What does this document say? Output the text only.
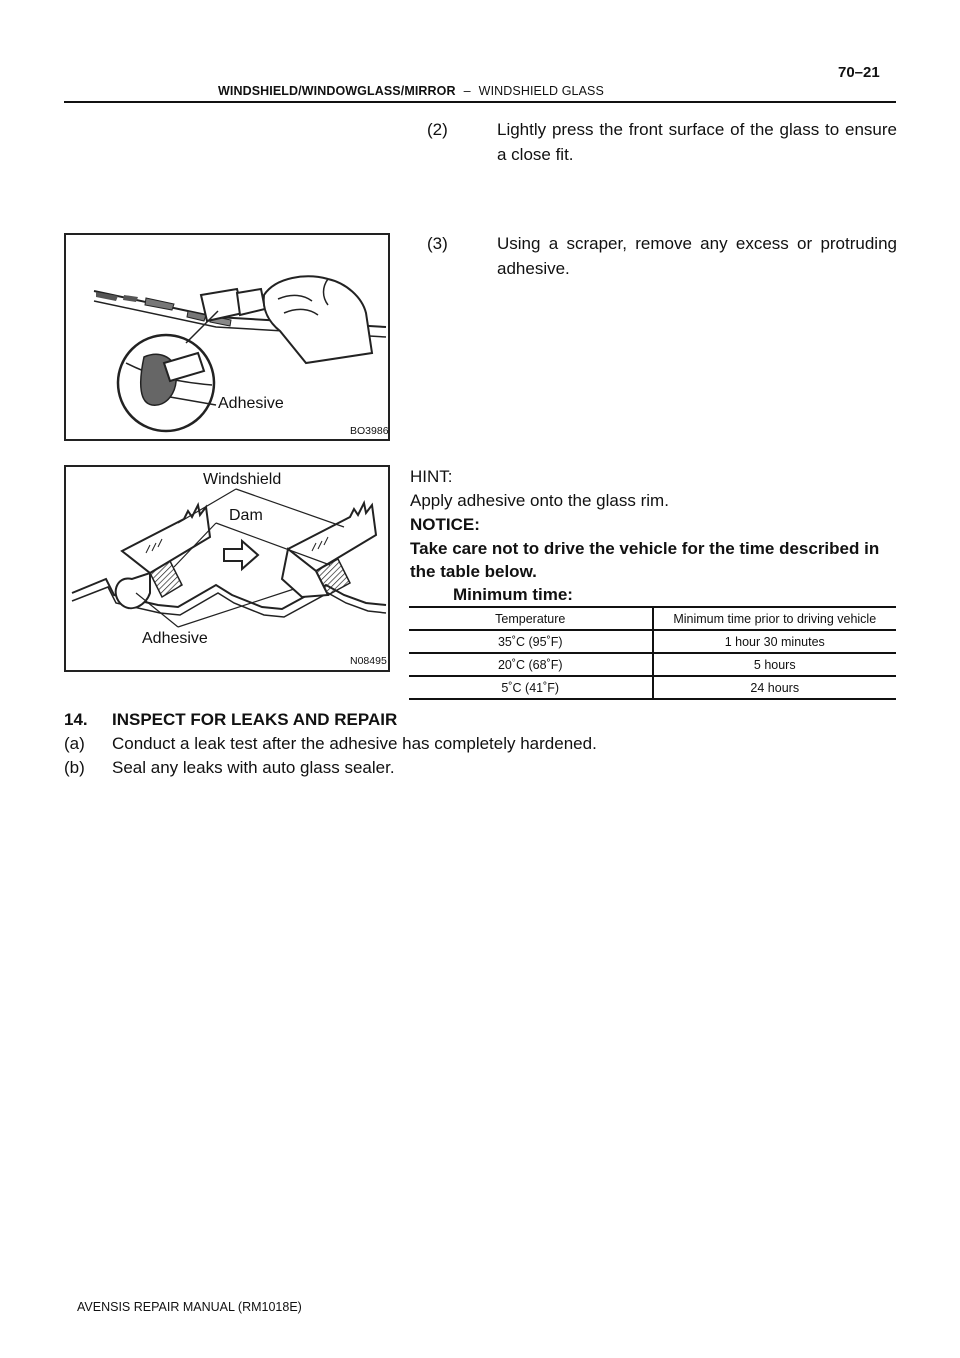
WINDSHIELD/WINDOWGLASS/MIRROR – WINDSHIELD GLASS
70–21
(2)	Lightly press the front surface of the glass to ensure a close fit.
(3)	Using a scraper, remove any excess or protruding adhesive.
Adhesive
BO3986
Windshield
Dam
Adhesive
N08495
HINT:
Apply adhesive onto the glass rim.
NOTICE:
Take care not to drive the vehicle for the time described in
the table below.
Minimum time:
Temperature	Minimum time prior to driving vehicle
35˚C (95˚F)	1 hour 30 minutes
20˚C (68˚F)	5 hours
5˚C (41˚F)	24 hours
14. INSPECT FOR LEAKS AND REPAIR
(a) Conduct a leak test after the adhesive has completely hardened.
(b) Seal any leaks with auto glass sealer.
AVENSIS REPAIR MANUAL (RM1018E)
